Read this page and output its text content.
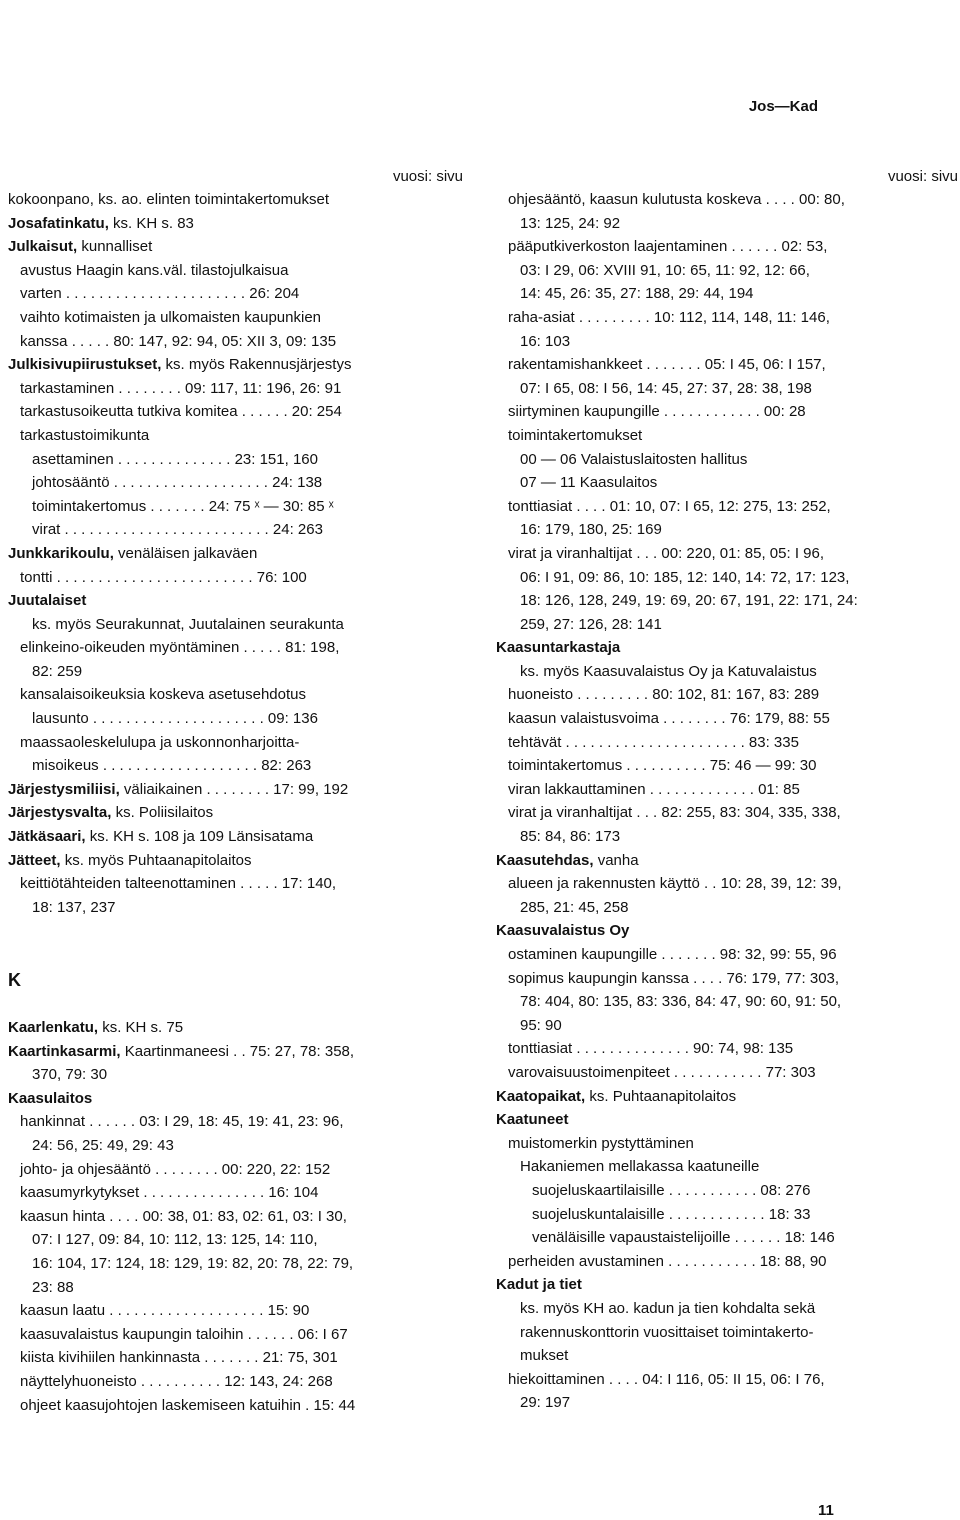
Jos—Kad
vuosi: sivu
kokoonpano, ks. ao. elinten toimintakertomukset
Josafatinkatu, ks. KH s. 83
Julkaisut, kunnalliset
avustus Haagin kans.väl. tilastojulkaisua
varten . . . . . . . . . . . . . . . . . . . . . . 26: 204
vaihto kotimaisten ja ulkomaisten kaupunkien
kanssa . . . . . 80: 147, 92: 94, 05: XII 3, 09: 135
Julkisivupiirustukset, ks. myös Rakennusjärjestys
tarkastaminen . . . . . . . . 09: 117, 11: 196, 26: 91
tarkastusoikeutta tutkiva komitea . . . . . . 20: 254
tarkastustoimikunta
asettaminen . . . . . . . . . . . . . . 23: 151, 160
johtosääntö . . . . . . . . . . . . . . . . . . . 24: 138
toimintakertomus . . . . . . . 24: 75 ˣ — 30: 85 ˣ
virat . . . . . . . . . . . . . . . . . . . . . . . . . 24: 263
Junkkarikoulu, venäläisen jalkaväen
tontti . . . . . . . . . . . . . . . . . . . . . . . . 76: 100
Juutalaiset
ks. myös Seurakunnat, Juutalainen seurakunta
elinkeino-oikeuden myöntäminen . . . . . 81: 198,
82: 259
kansalaisoikeuksia koskeva asetusehdotus
lausunto . . . . . . . . . . . . . . . . . . . . . 09: 136
maassaoleskelulupa ja uskonnonharjoitta-
misoikeus . . . . . . . . . . . . . . . . . . . 82: 263
Järjestysmiliisi, väliaikainen . . . . . . . . 17: 99, 192
Järjestysvalta, ks. Poliisilaitos
Jätkäsaari, ks. KH s. 108 ja 109 Länsisatama
Jätteet, ks. myös Puhtaanapitolaitos
keittiötähteiden talteenottaminen . . . . . 17: 140,
18: 137, 237
K
Kaarlenkatu, ks. KH s. 75
Kaartinkasarmi, Kaartinmaneesi . . 75: 27, 78: 358,
370, 79: 30
Kaasulaitos
hankinnat . . . . . . 03: I 29, 18: 45, 19: 41, 23: 96,
24: 56, 25: 49, 29: 43
johto- ja ohjesääntö . . . . . . . . 00: 220, 22: 152
kaasumyrkytykset . . . . . . . . . . . . . . . 16: 104
kaasun hinta . . . . 00: 38, 01: 83, 02: 61, 03: I 30,
07: I 127, 09: 84, 10: 112, 13: 125, 14: 110,
16: 104, 17: 124, 18: 129, 19: 82, 20: 78, 22: 79,
23: 88
kaasun laatu . . . . . . . . . . . . . . . . . . . 15: 90
kaasuvalaistus kaupungin taloihin . . . . . . 06: I 67
kiista kivihiilen hankinnasta . . . . . . . 21: 75, 301
näyttelyhuoneisto . . . . . . . . . . 12: 143, 24: 268
ohjeet kaasujohtojen laskemiseen katuihin . 15: 44
vuosi: sivu
ohjesääntö, kaasun kulutusta koskeva . . . . 00: 80,
13: 125, 24: 92
pääputkiverkoston laajentaminen . . . . . . 02: 53,
03: I 29, 06: XVIII 91, 10: 65, 11: 92, 12: 66,
14: 45, 26: 35, 27: 188, 29: 44, 194
raha-asiat . . . . . . . . . 10: 112, 114, 148, 11: 146,
16: 103
rakentamishankkeet . . . . . . . 05: I 45, 06: I 157,
07: I 65, 08: I 56, 14: 45, 27: 37, 28: 38, 198
siirtyminen kaupungille . . . . . . . . . . . . 00: 28
toimintakertomukset
00 — 06 Valaistuslaitosten hallitus
07 — 11 Kaasulaitos
tonttiasiat . . . . 01: 10, 07: I 65, 12: 275, 13: 252,
16: 179, 180, 25: 169
virat ja viranhaltijat . . . 00: 220, 01: 85, 05: I 96,
06: I 91, 09: 86, 10: 185, 12: 140, 14: 72, 17: 123,
18: 126, 128, 249, 19: 69, 20: 67, 191, 22: 171, 24:
259, 27: 126, 28: 141
Kaasuntarkastaja
ks. myös Kaasuvalaistus Oy ja Katuvalaistus
huoneisto . . . . . . . . . 80: 102, 81: 167, 83: 289
kaasun valaistusvoima . . . . . . . . 76: 179, 88: 55
tehtävät . . . . . . . . . . . . . . . . . . . . . . 83: 335
toimintakertomus . . . . . . . . . . 75: 46 — 99: 30
viran lakkauttaminen . . . . . . . . . . . . . 01: 85
virat ja viranhaltijat . . . 82: 255, 83: 304, 335, 338,
85: 84, 86: 173
Kaasutehdas, vanha
alueen ja rakennusten käyttö . . 10: 28, 39, 12: 39,
285, 21: 45, 258
Kaasuvalaistus Oy
ostaminen kaupungille . . . . . . . 98: 32, 99: 55, 96
sopimus kaupungin kanssa . . . . 76: 179, 77: 303,
78: 404, 80: 135, 83: 336, 84: 47, 90: 60, 91: 50,
95: 90
tonttiasiat . . . . . . . . . . . . . . 90: 74, 98: 135
varovaisuustoimenpiteet . . . . . . . . . . . 77: 303
Kaatopaikat, ks. Puhtaanapitolaitos
Kaatuneet
muistomerkin pystyttäminen
Hakaniemen mellakassa kaatuneille
suojeluskaartilaisille . . . . . . . . . . . 08: 276
suojeluskuntalaisille . . . . . . . . . . . . 18: 33
venäläisille vapaustaistelijoille . . . . . . 18: 146
perheiden avustaminen . . . . . . . . . . . 18: 88, 90
Kadut ja tiet
ks. myös KH ao. kadun ja tien kohdalta sekä
rakennuskonttorin vuosittaiset toimintakerto-
mukset
hiekoittaminen . . . . 04: I 116, 05: II 15, 06: I 76,
29: 197
11
